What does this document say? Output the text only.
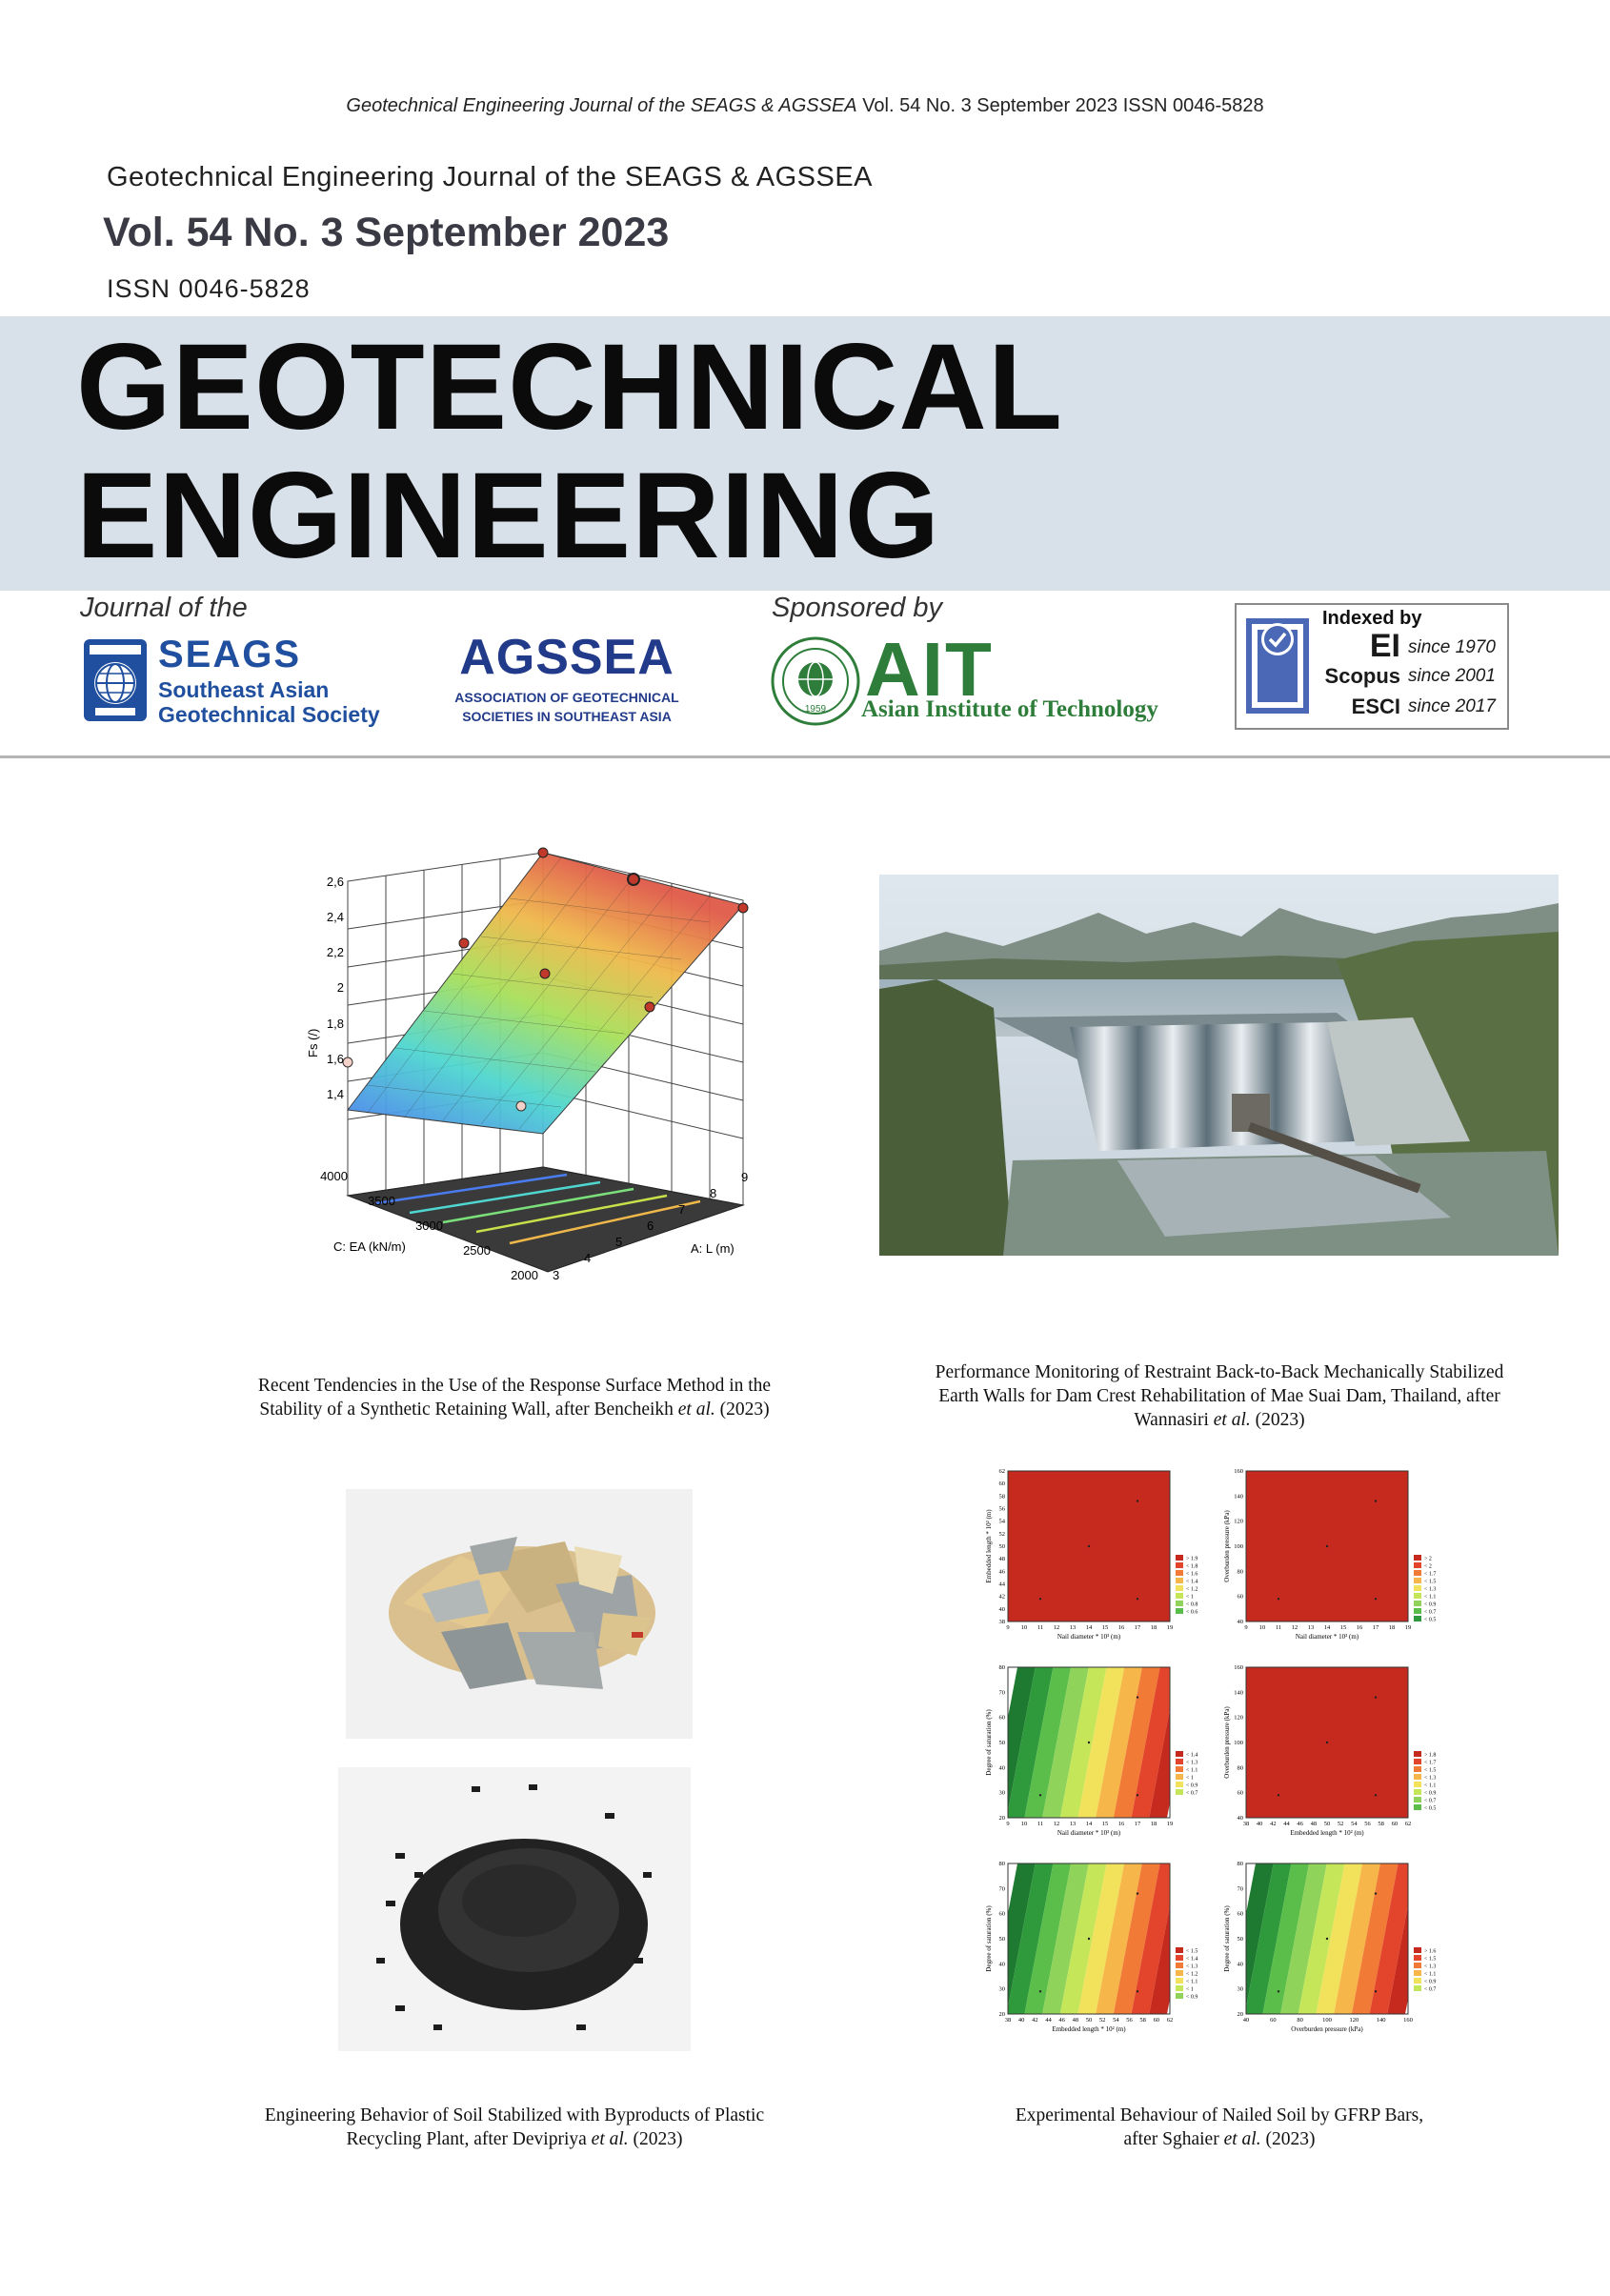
Geotechnical Engineering Journal of the SEAGS & AGSSEA Vol. 54 No. 3 September 2023 ISSN 0046-5828
Geotechnical Engineering Journal of the SEAGS & AGSSEA
Vol. 54 No. 3 September 2023
ISSN 0046-5828
GEOTECHNICAL
ENGINEERING
Journal of the	Sponsored by
SEAGS
Southeast Asian
Geotechnical Society
AGSSEA
ASSOCIATION OF GEOTECHNICAL
SOCIETIES IN SOUTHEAST ASIA	1959 AIT
Asian Institute of Technology
Indexed by
EI since 1970
Scopus since 2001
ESCI since 2017
Fs (/)
1,4
1,6
1,8
2
2,2
2,4
2,6
4000
3500
3000
2500
2000
C: EA (kN/m)
3
4
5
6
7
8
9
A: L (m)
Recent Tendencies in the Use of the Response Surface Method in the
Stability of a Synthetic Retaining Wall, after Bencheikh et al. (2023)
Performance Monitoring of Restraint Back-to-Back Mechanically Stabilized
Earth Walls for Dam Crest Rehabilitation of Mae Suai Dam, Thailand, after
Wannasiri et al. (2023)
Engineering Behavior of Soil Stabilized with Byproducts of Plastic
Recycling Plant, after Devipriya et al. (2023)
9 10 11 12 13 14 15 16 17 18 19
38
40
42
44
46
48
50
52
54
56
58
60
62
Nail diameter * 10³ (m)
Embedded length * 10² (m)	> 1.9
< 1.8
< 1.6
< 1.4
< 1.2
< 1
< 0.8
< 0.6
9 10 11 12 13 14 15 16 17 18 19
40
60
80
100
120
140
160
Nail diameter * 10³ (m)
Overburden pressure (kPa)	> 2
< 2
< 1.7
< 1.5
< 1.3
< 1.1
< 0.9
< 0.7
< 0.5
9 10 11 12 13 14 15 16 17 18 19
20
30
40
50
60
70
80
Nail diameter * 10³ (m)
Degree of saturation (%)	< 1.4
< 1.3
< 1.1
< 1
< 0.9
< 0.7
38 40 42 44 46 48 50 52 54 56 58 60 62
40
60
80
100
120
140
160
Embedded length * 10² (m)
Overburden pressure (kPa)	> 1.8
< 1.7
< 1.5
< 1.3
< 1.1
< 0.9
< 0.7
< 0.5
38 40 42 44 46 48 50 52 54 56 58 60 62
20
30
40
50
60
70
80
Embedded length * 10² (m)
Degree of saturation (%)	< 1.5
< 1.4
< 1.3
< 1.2
< 1.1
< 1
< 0.9
40	60	80	100	120	140	160
20
30
40
50
60
70
80
Overburden pressure (kPa)
Degree of saturation (%)	> 1.6
< 1.5
< 1.3
< 1.1
< 0.9
< 0.7
Experimental Behaviour of Nailed Soil by GFRP Bars,
after Sghaier et al. (2023)
